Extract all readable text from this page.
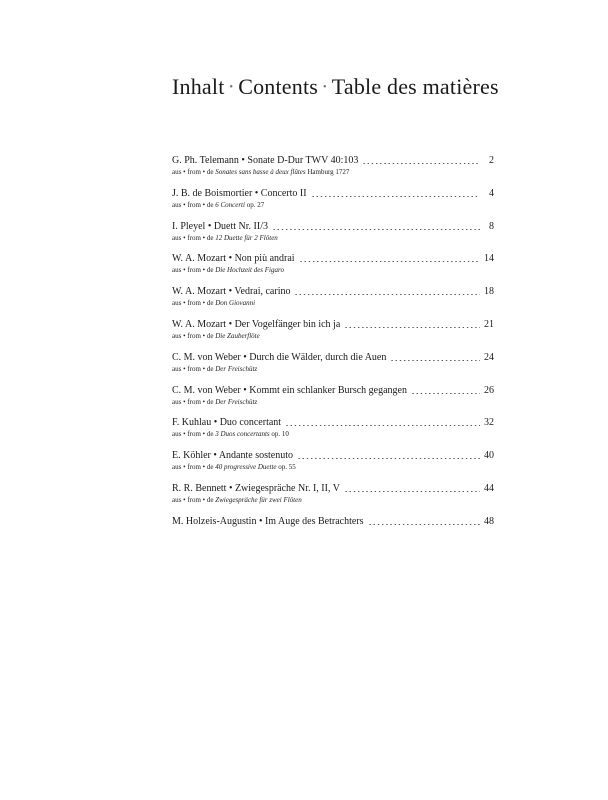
Inhalt • Contents • Table des matières
G. Ph. Telemann • Sonate D-Dur TWV 40:103	2
aus • from • de Sonates sans basse à deux flûtes Hamburg 1727
J. B. de Boismortier • Concerto II	4
aus • from • de 6 Concerti op. 27
I. Pleyel • Duett Nr. II/3	8
aus • from • de 12 Duette für 2 Flöten
W. A. Mozart • Non più andrai	14
aus • from • de Die Hochzeit des Figaro
W. A. Mozart • Vedrai, carino	18
aus • from • de Don Giovanni
W. A. Mozart • Der Vogelfänger bin ich ja	21
aus • from • de Die Zauberflöte
C. M. von Weber • Durch die Wälder, durch die Auen	24
aus • from • de Der Freischütz
C. M. von Weber • Kommt ein schlanker Bursch gegangen	26
aus • from • de Der Freischütz
F. Kuhlau • Duo concertant	32
aus • from • de 3 Duos concertants op. 10
E. Köhler • Andante sostenuto	40
aus • from • de 40 progressive Duette op. 55
R. R. Bennett • Zwiegespräche Nr. I, II, V	44
aus • from • de Zwiegespräche für zwei Flöten
M. Holzeis-Augustin • Im Auge des Betrachters	48
